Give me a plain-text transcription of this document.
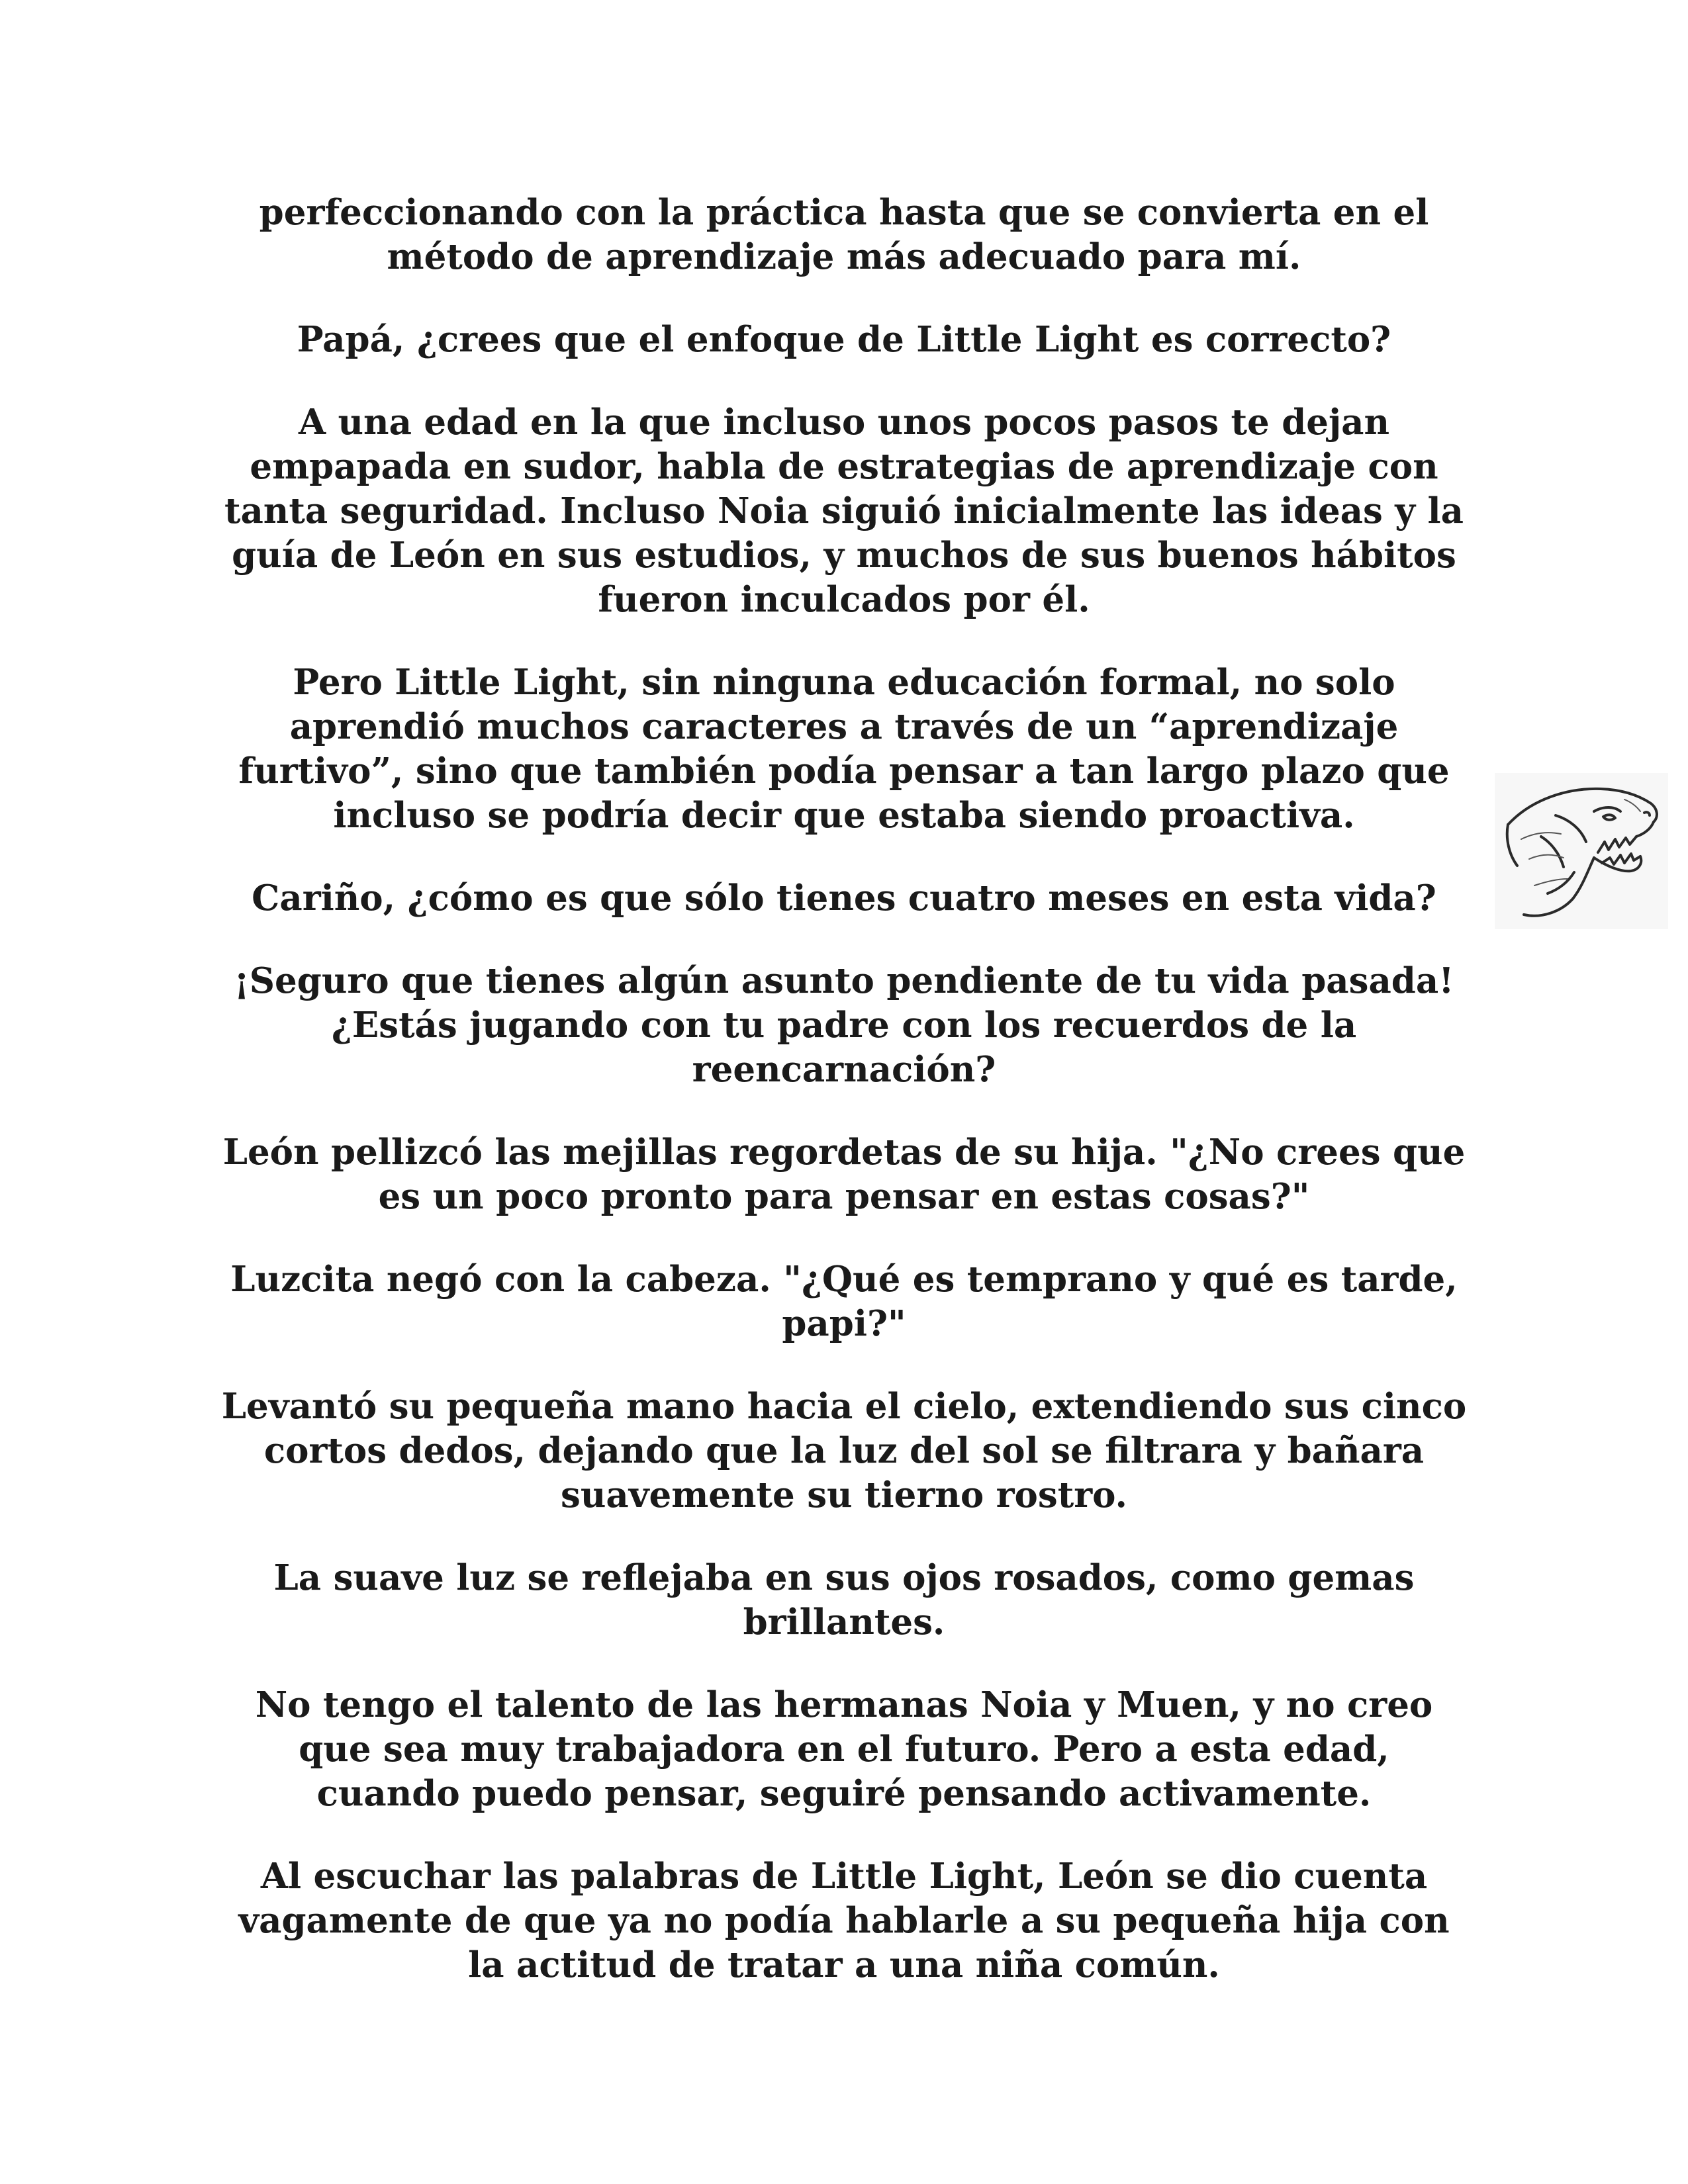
perfeccionando con la práctica hasta que se convierta en el
método de aprendizaje más adecuado para mí.

Papá, ¿crees que el enfoque de Little Light es correcto?

A una edad en la que incluso unos pocos pasos te dejan
empapada en sudor, habla de estrategias de aprendizaje con
tanta seguridad. Incluso Noia siguió inicialmente las ideas y la
guía de León en sus estudios, y muchos de sus buenos hábitos
fueron inculcados por él.

Pero Little Light, sin ninguna educación formal, no solo
aprendió muchos caracteres a través de un “aprendizaje
furtivo”, sino que también podía pensar a tan largo plazo que
incluso se podría decir que estaba siendo proactiva.

Cariño, ¿cómo es que sólo tienes cuatro meses en esta vida?

¡Seguro que tienes algún asunto pendiente de tu vida pasada!
¿Estás jugando con tu padre con los recuerdos de la
reencarnación?

León pellizcó las mejillas regordetas de su hija. "¿No crees que
es un poco pronto para pensar en estas cosas?"

Luzcita negó con la cabeza. "¿Qué es temprano y qué es tarde,
papi?"

Levantó su pequeña mano hacia el cielo, extendiendo sus cinco
cortos dedos, dejando que la luz del sol se filtrara y bañara
suavemente su tierno rostro.

La suave luz se reflejaba en sus ojos rosados, como gemas
brillantes.

No tengo el talento de las hermanas Noia y Muen, y no creo
que sea muy trabajadora en el futuro. Pero a esta edad,
cuando puedo pensar, seguiré pensando activamente.

Al escuchar las palabras de Little Light, León se dio cuenta
vagamente de que ya no podía hablarle a su pequeña hija con
la actitud de tratar a una niña común.
